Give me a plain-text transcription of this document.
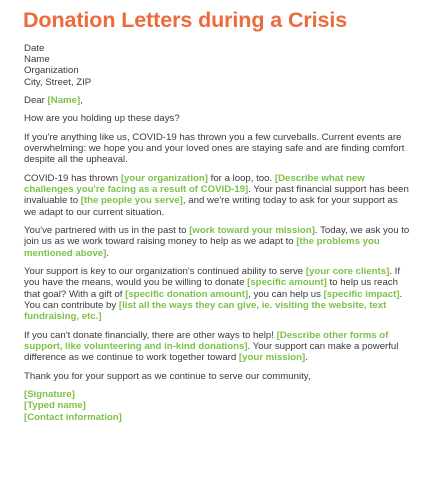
Donation Letters during a Crisis
Date
Name
Organization
City, Street, ZIP

Dear [Name],

How are you holding up these days?

If you're anything like us, COVID-19 has thrown you a few curveballs. Current events are overwhelming: we hope you and your loved ones are staying safe and are finding comfort despite all the upheaval.

COVID-19 has thrown [your organization] for a loop, too. [Describe what new challenges you're facing as a result of COVID-19]. Your past financial support has been invaluable to [the people you serve], and we're writing today to ask for your support as we adapt to our current situation.

You've partnered with us in the past to [work toward your mission]. Today, we ask you to join us as we work toward raising money to help as we adapt to [the problems you mentioned above].

Your support is key to our organization's continued ability to serve [your core clients]. If you have the means, would you be willing to donate [specific amount] to help us reach that goal? With a gift of [specific donation amount], you can help us [specific impact]. You can contribute by [list all the ways they can give, ie. visiting the website, text fundraising, etc.]

If you can't donate financially, there are other ways to help! [Describe other forms of support, like volunteering and in-kind donations]. Your support can make a powerful difference as we continue to work together toward [your mission].

Thank you for your support as we continue to serve our community,

[Signature]
[Typed name]
[Contact information]
